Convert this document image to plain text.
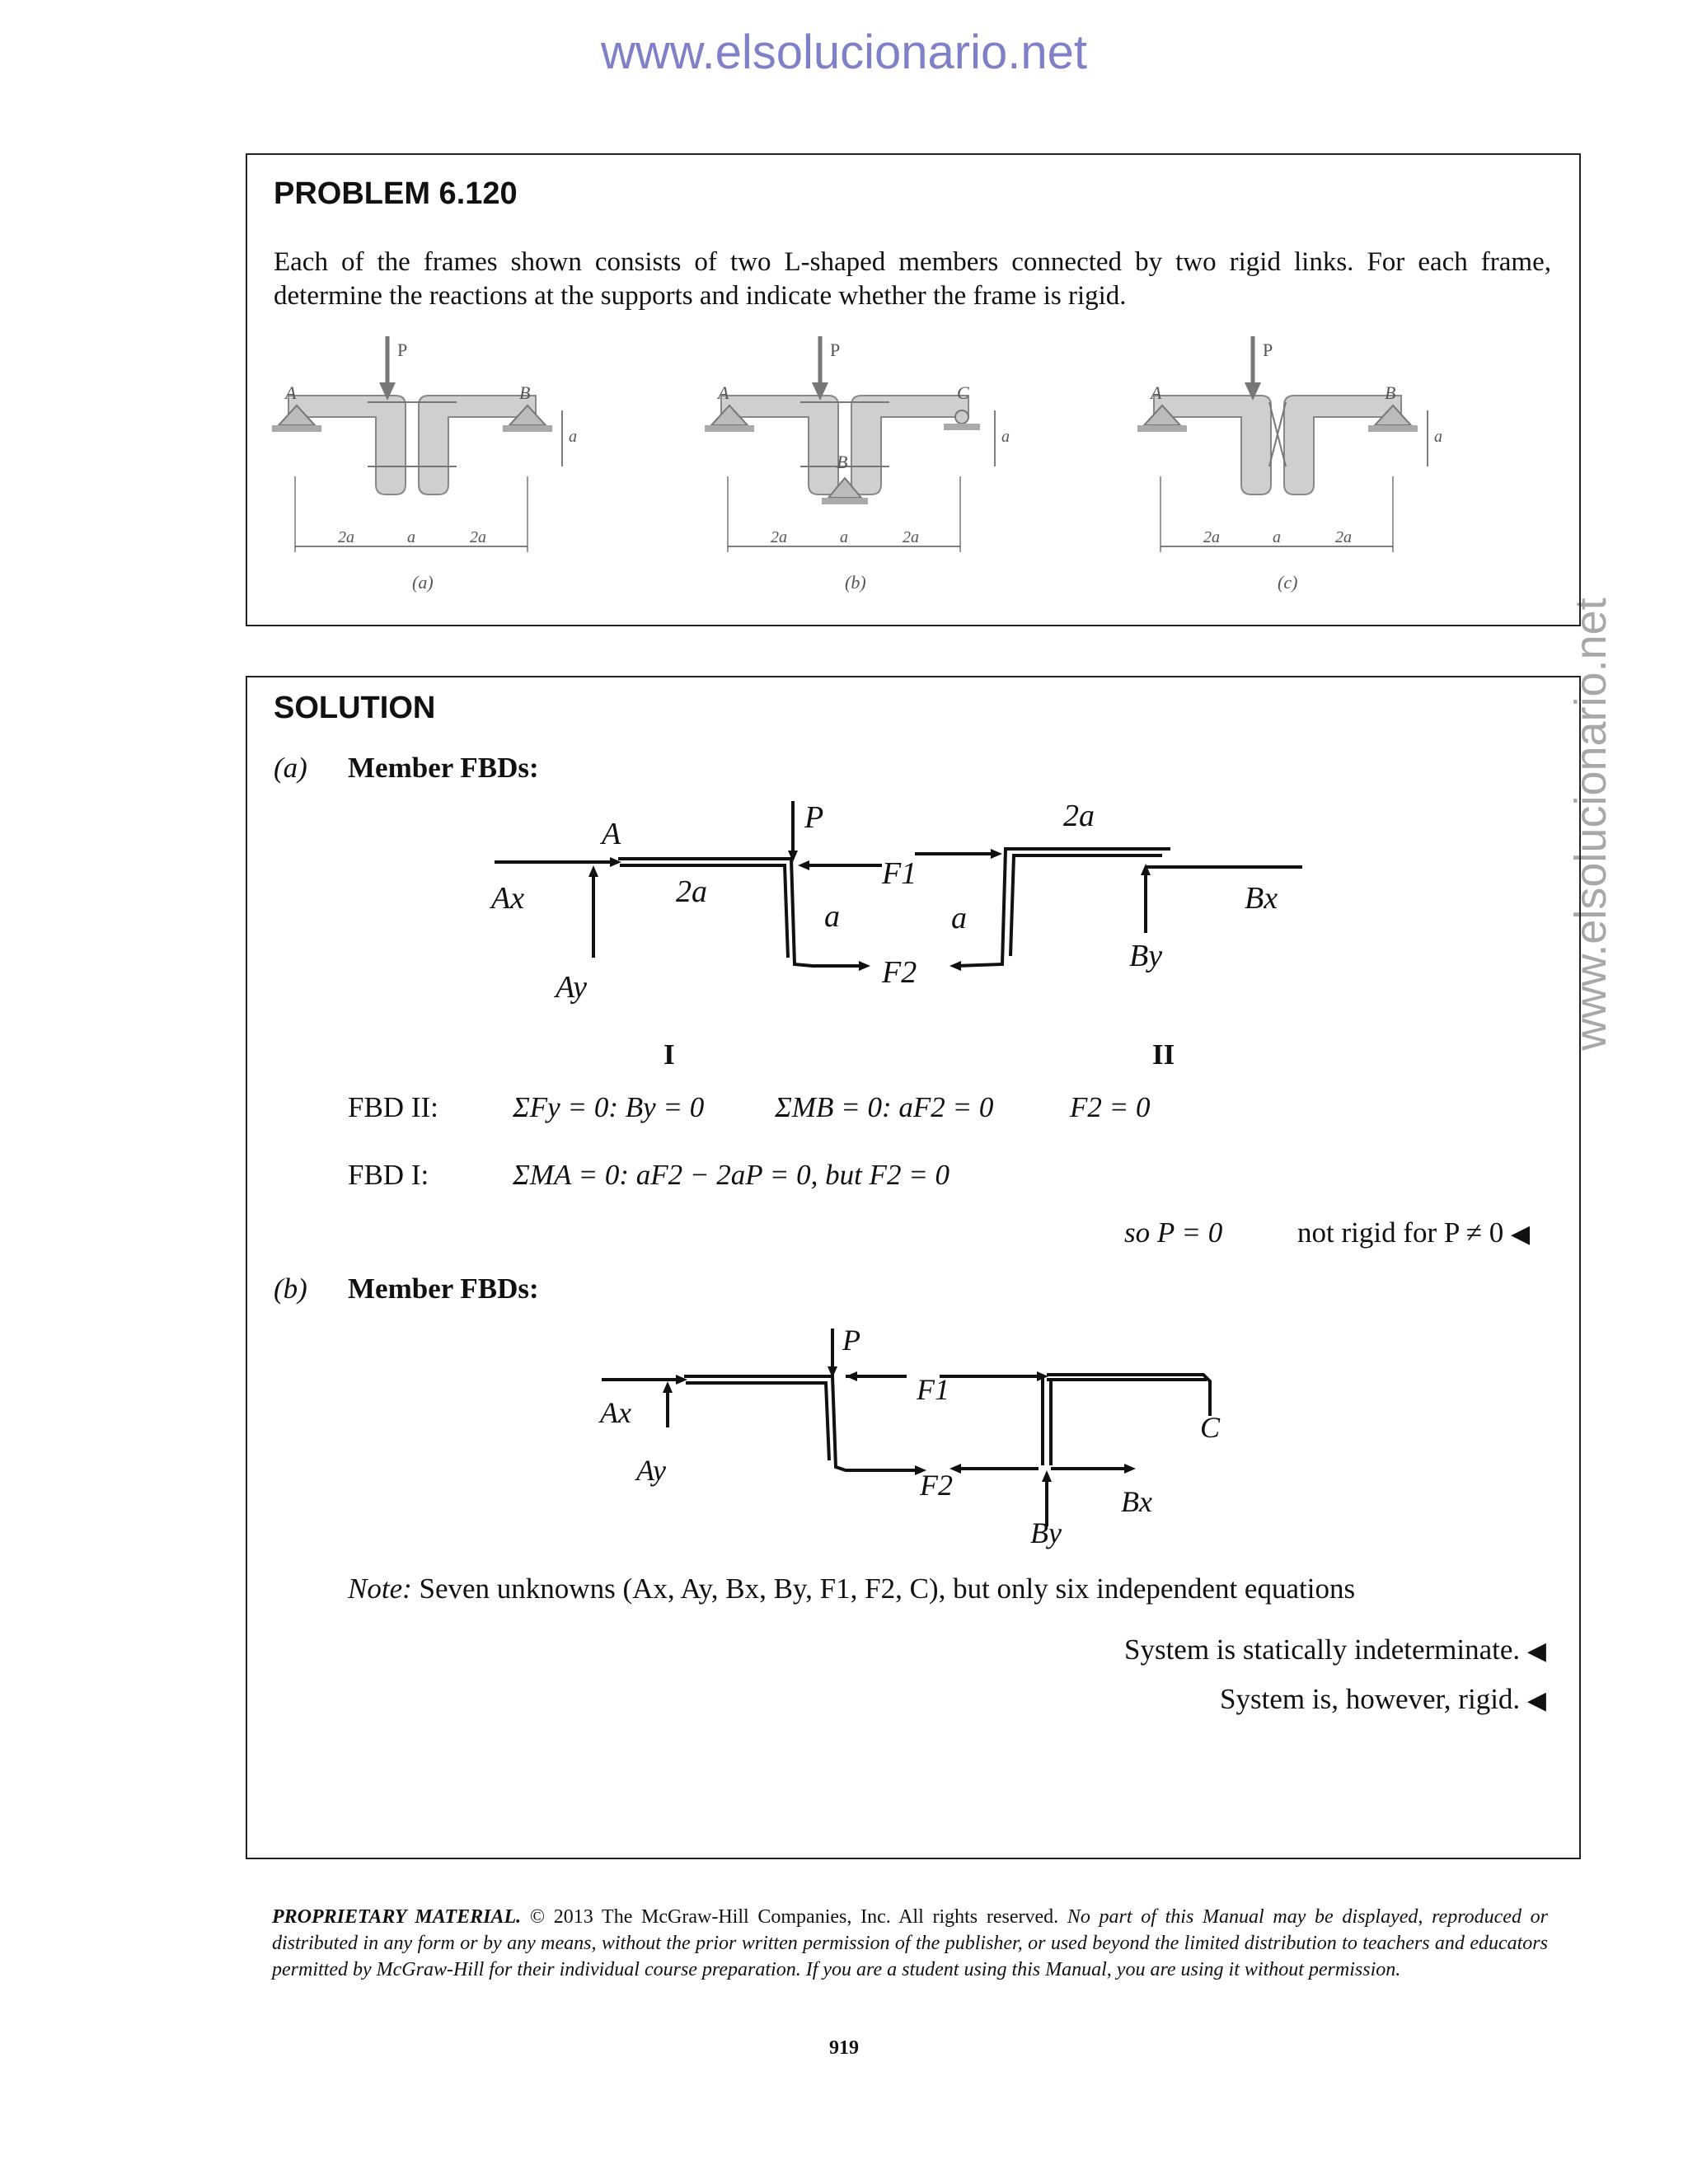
www.elsolucionario.net
www.elsolucionario.net
PROBLEM 6.120
Each of the frames shown consists of two L-shaped members connected by two rigid links. For each frame, determine the reactions at the supports and indicate whether the frame is rigid.
P
A	B
a
2a	a	2a
(a)
P
A	C
B
a
2a	a	2a
(b)
P
A	B
a
2a	a	2a
(c)
SOLUTION
(a) Member FBDs:
P
A
Ax
Ay
2a
a
F1
F2
2a
a
Bx
By
I	II
FBD II:	ΣFy = 0: By = 0 ΣMB = 0: aF2 = 0	F2 = 0
FBD I:	ΣMA = 0: aF2 − 2aP = 0, but F2 = 0
so P = 0	not rigid for P ≠ 0 ◀
(b) Member FBDs:
P
Ax
Ay
F1
F2	Bx
By
C
Note: Seven unknowns (Ax, Ay, Bx, By, F1, F2, C), but only six independent equations
System is statically indeterminate. ◀
System is, however, rigid. ◀
PROPRIETARY MATERIAL. © 2013 The McGraw-Hill Companies, Inc. All rights reserved. No part of this Manual may be displayed, reproduced or distributed in any form or by any means, without the prior written permission of the publisher, or used beyond the limited distribution to teachers and educators permitted by McGraw-Hill for their individual course preparation. If you are a student using this Manual, you are using it without permission.
919
